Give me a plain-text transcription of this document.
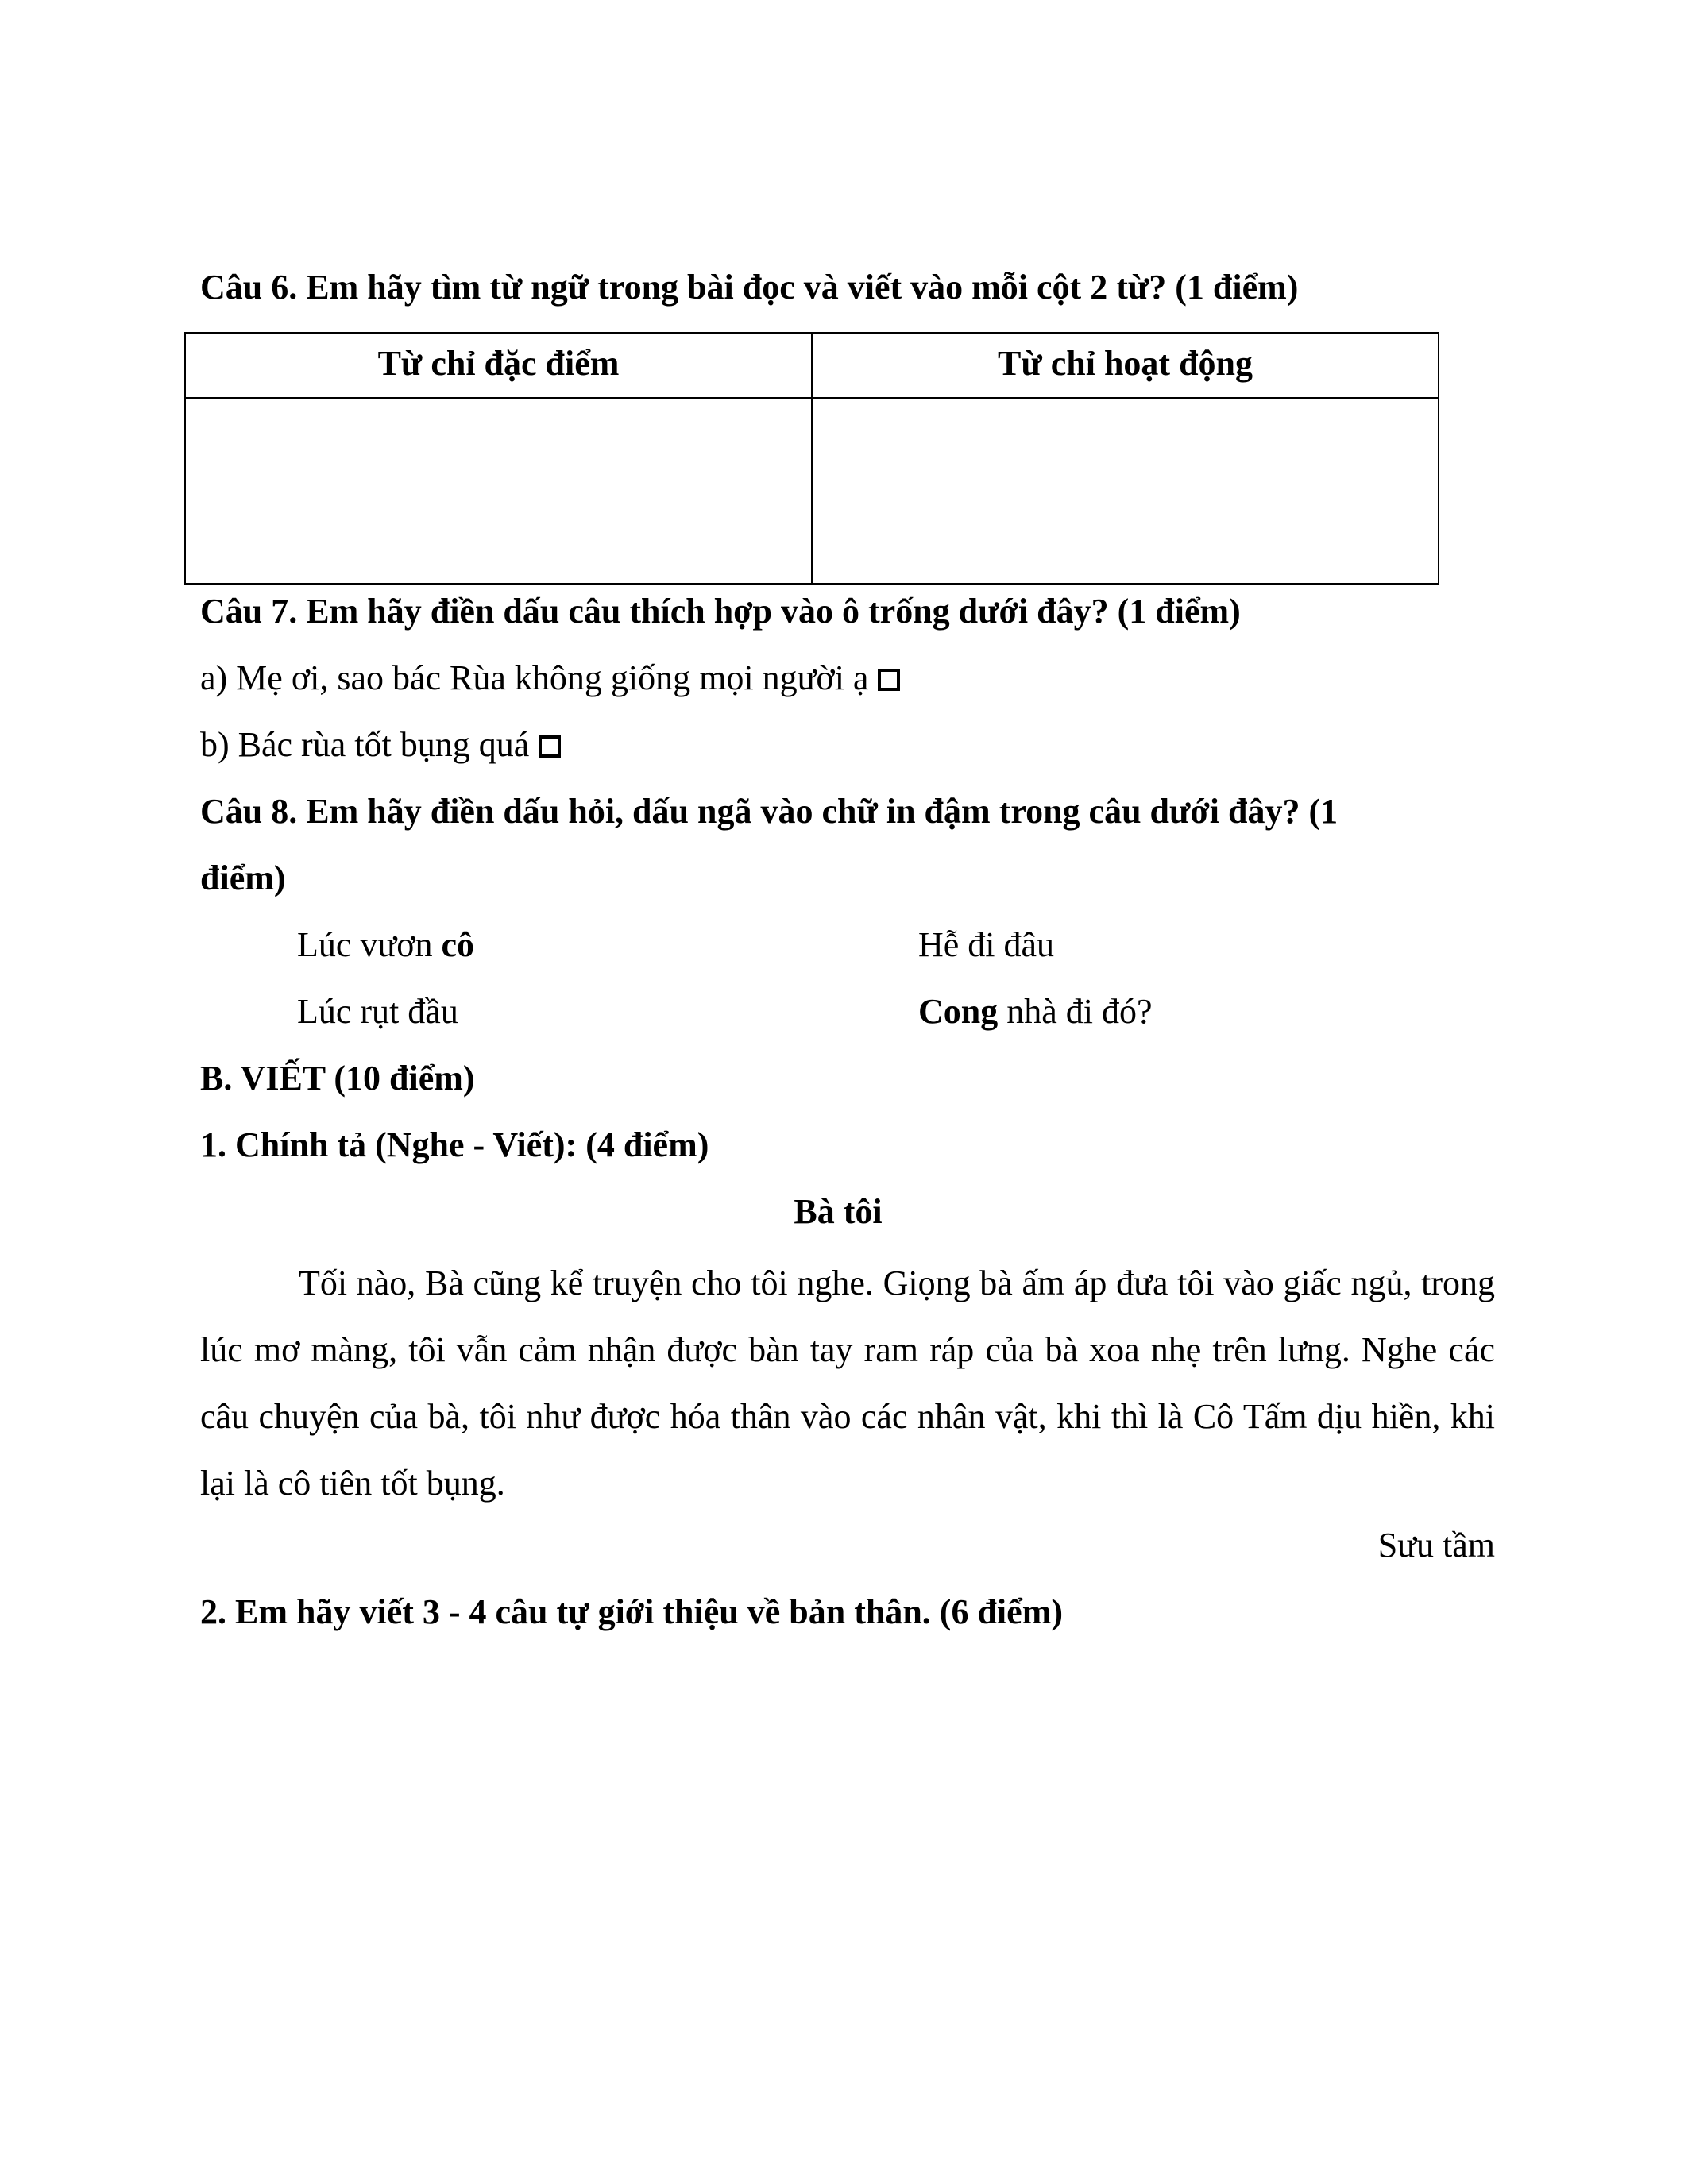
Câu 6. Em hãy tìm từ ngữ trong bài đọc và viết vào mỗi cột 2 từ? (1 điểm)
Từ chỉ đặc điểm	Từ chỉ hoạt động

Câu 7. Em hãy điền dấu câu thích hợp vào ô trống dưới đây? (1 điểm)
a) Mẹ ơi, sao bác Rùa không giống mọi người ạ
b) Bác rùa tốt bụng quá
Câu 8. Em hãy điền dấu hỏi, dấu ngã vào chữ in đậm trong câu dưới đây? (1
điểm)
Lúc vươn cô	Hễ đi đâu
Lúc rụt đầu	Cong nhà đi đó?
B. VIẾT (10 điểm)
1. Chính tả (Nghe - Viết): (4 điểm)
Bà tôi
Tối nào, Bà cũng kể truyện cho tôi nghe. Giọng bà ấm áp đưa tôi vào giấc ngủ, trong lúc mơ màng, tôi vẫn cảm nhận được bàn tay ram ráp của bà xoa nhẹ trên lưng. Nghe các câu chuyện của bà, tôi như được hóa thân vào các nhân vật, khi thì là Cô Tấm dịu hiền, khi lại là cô tiên tốt bụng.
Sưu tầm
2. Em hãy viết 3 - 4 câu tự giới thiệu về bản thân. (6 điểm)
